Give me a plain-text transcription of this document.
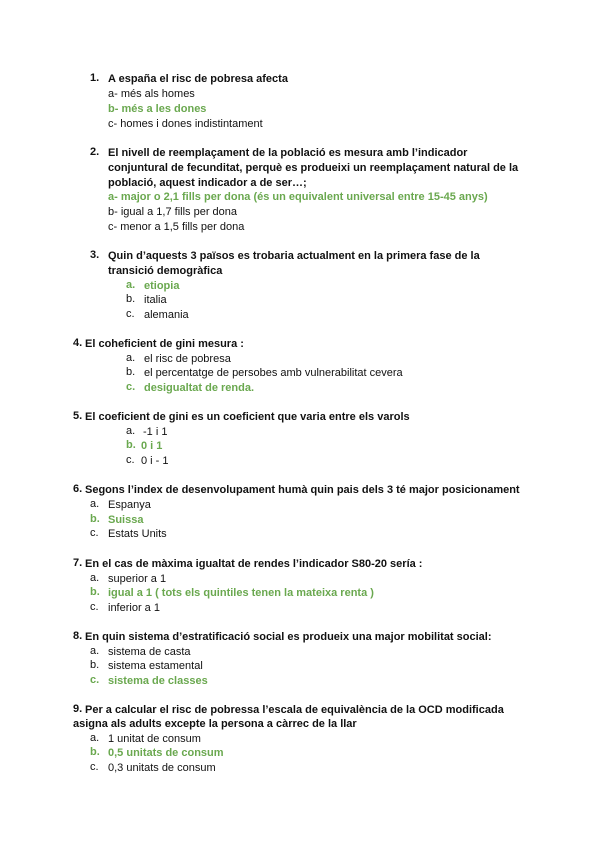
1. A españa el risc de pobresa afecta
a- més als homes
b- més a les dones
c- homes i dones indistintament
2. El nivell de reemplaçament de la població es mesura amb l’indicador
conjuntural de fecunditat, perquè es produeixi un reemplaçament natural de la
població, aquest indicador a de ser…;
a- major o 2,1 fills per dona (és un equivalent universal entre 15-45 anys)
b- igual a 1,7 fills per dona
c- menor a 1,5 fills per dona
3. Quin d’aquests 3 països es trobaria actualment en la primera fase de la
transició demogràfica
a. etiopia
b. italia
c. alemania
4. El coheficient de gini mesura :
a. el risc de pobresa
b. el percentatge de persobes amb vulnerabilitat cevera
c. desigualtat de renda.
5. El coeficient de gini es un coeficient que varia entre els varols
a. -1 i 1
b. 0 i 1
c. 0 i - 1
6. Segons l’index de desenvolupament humà quin pais dels 3 té major posicionament
a. Espanya
b. Suissa
c. Estats Units
7. En el cas de màxima igualtat de rendes l’indicador S80-20 sería :
a. superior a 1
b. igual a 1 ( tots els quintiles tenen la mateixa renta )
c. inferior a 1
8. En quin sistema d’estratificació social es produeix una major mobilitat social:
a. sistema de casta
b. sistema estamental
c. sistema de classes
9. Per a calcular el risc de pobressa l’escala de equivalència de la OCD modificada
asigna als adults excepte la persona a càrrec de la llar
a. 1 unitat de consum
b. 0,5 unitats de consum
c. 0,3 unitats de consum
